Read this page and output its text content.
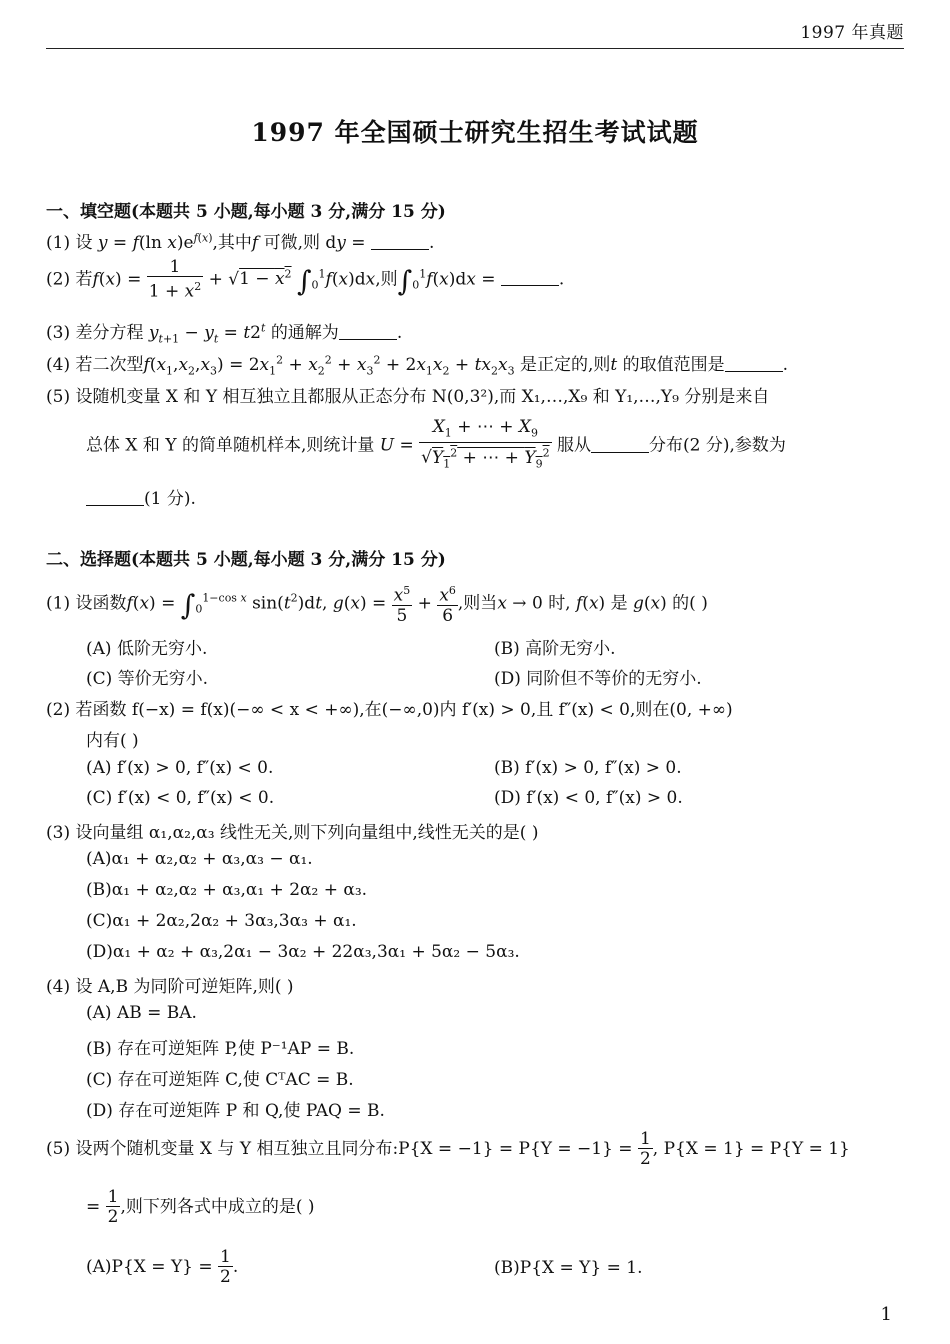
1997 年真题
1997 年全国硕士研究生招生考试试题
一、填空题(本题共 5 小题,每小题 3 分,满分 15 分)
(1) 设 y = f(ln $x)e^{f(x)}$,其中f 可微,则 dy =	.
(2) 若$f(x) = \frac{1}{1 + x^2} + √1 - x^2$ $\int_0^1f(x)dx$,则$\int_0^1f(x)dx$ =	.
(3) 差分方程 $y_{t+1} - y_t = t2^t$ 的通解为	.
(4) 若二次型$f(x_1,x_2,x_3) = 2x_1^2 + x_2^2 + x_3^2 + 2x_1x_2 + tx_2x_3$ 是正定的,则t 的取值范围是	.
(5) 设随机变量 X 和 Y 相互独立且都服从正态分布 N(0,3²),而 X₁,…,X₉ 和 Y₁,…,Y₉ 分别是来自
总体 X 和 Y 的简单随机样本,则统计量 $U = \frac{X_1 + \cdots + X_9}{√Y_1^2 + \cdots + Y_9^2}$ 服从	分布(2 分),参数为
(1 分).
二、选择题(本题共 5 小题,每小题 3 分,满分 15 分)
(1) 设函数$f(x) = \int_0^{1-cos x}$ $\sin(t^2)dt$, $g(x) = \frac{x^5}{5} + \frac{x^6}{6}$ ,则当x → 0 时, f(x) 是 g(x) 的( )
(A) 低阶无穷小.	(B) 高阶无穷小.
(C) 等价无穷小.	(D) 同阶但不等价的无穷小.
(2) 若函数 f(−x) = f(x)(−∞ < x < +∞),在(−∞,0)内 f′(x) > 0,且 f″(x) < 0,则在(0, +∞)
内有( )
(A) f′(x) > 0, f″(x) < 0.	(B) f′(x) > 0, f″(x) > 0.
(C) f′(x) < 0, f″(x) < 0.	(D) f′(x) < 0, f″(x) > 0.
(3) 设向量组 α₁,α₂,α₃ 线性无关,则下列向量组中,线性无关的是( )
(A)α₁ + α₂,α₂ + α₃,α₃ − α₁.
(B)α₁ + α₂,α₂ + α₃,α₁ + 2α₂ + α₃.
(C)α₁ + 2α₂,2α₂ + 3α₃,3α₃ + α₁.
(D)α₁ + α₂ + α₃,2α₁ − 3α₂ + 22α₃,3α₁ + 5α₂ − 5α₃.
(4) 设 A,B 为同阶可逆矩阵,则( )
(A) AB = BA.
(B) 存在可逆矩阵 P,使 P⁻¹AP = B.
(C) 存在可逆矩阵 C,使 CᵀAC = B.
(D) 存在可逆矩阵 P 和 Q,使 PAQ = B.
(5) 设两个随机变量 X 与 Y 相互独立且同分布:P{X = $-1\} = P\{Y = -1\} = \frac{1}{2}$ , P{X = 1} = P{Y = 1}
= $\frac{1}{2}$ ,则下列各式中成立的是( )
$(A)P\{X = Y\} = \frac{1}{2}$ .	(B)P{X = Y} = 1.
1
